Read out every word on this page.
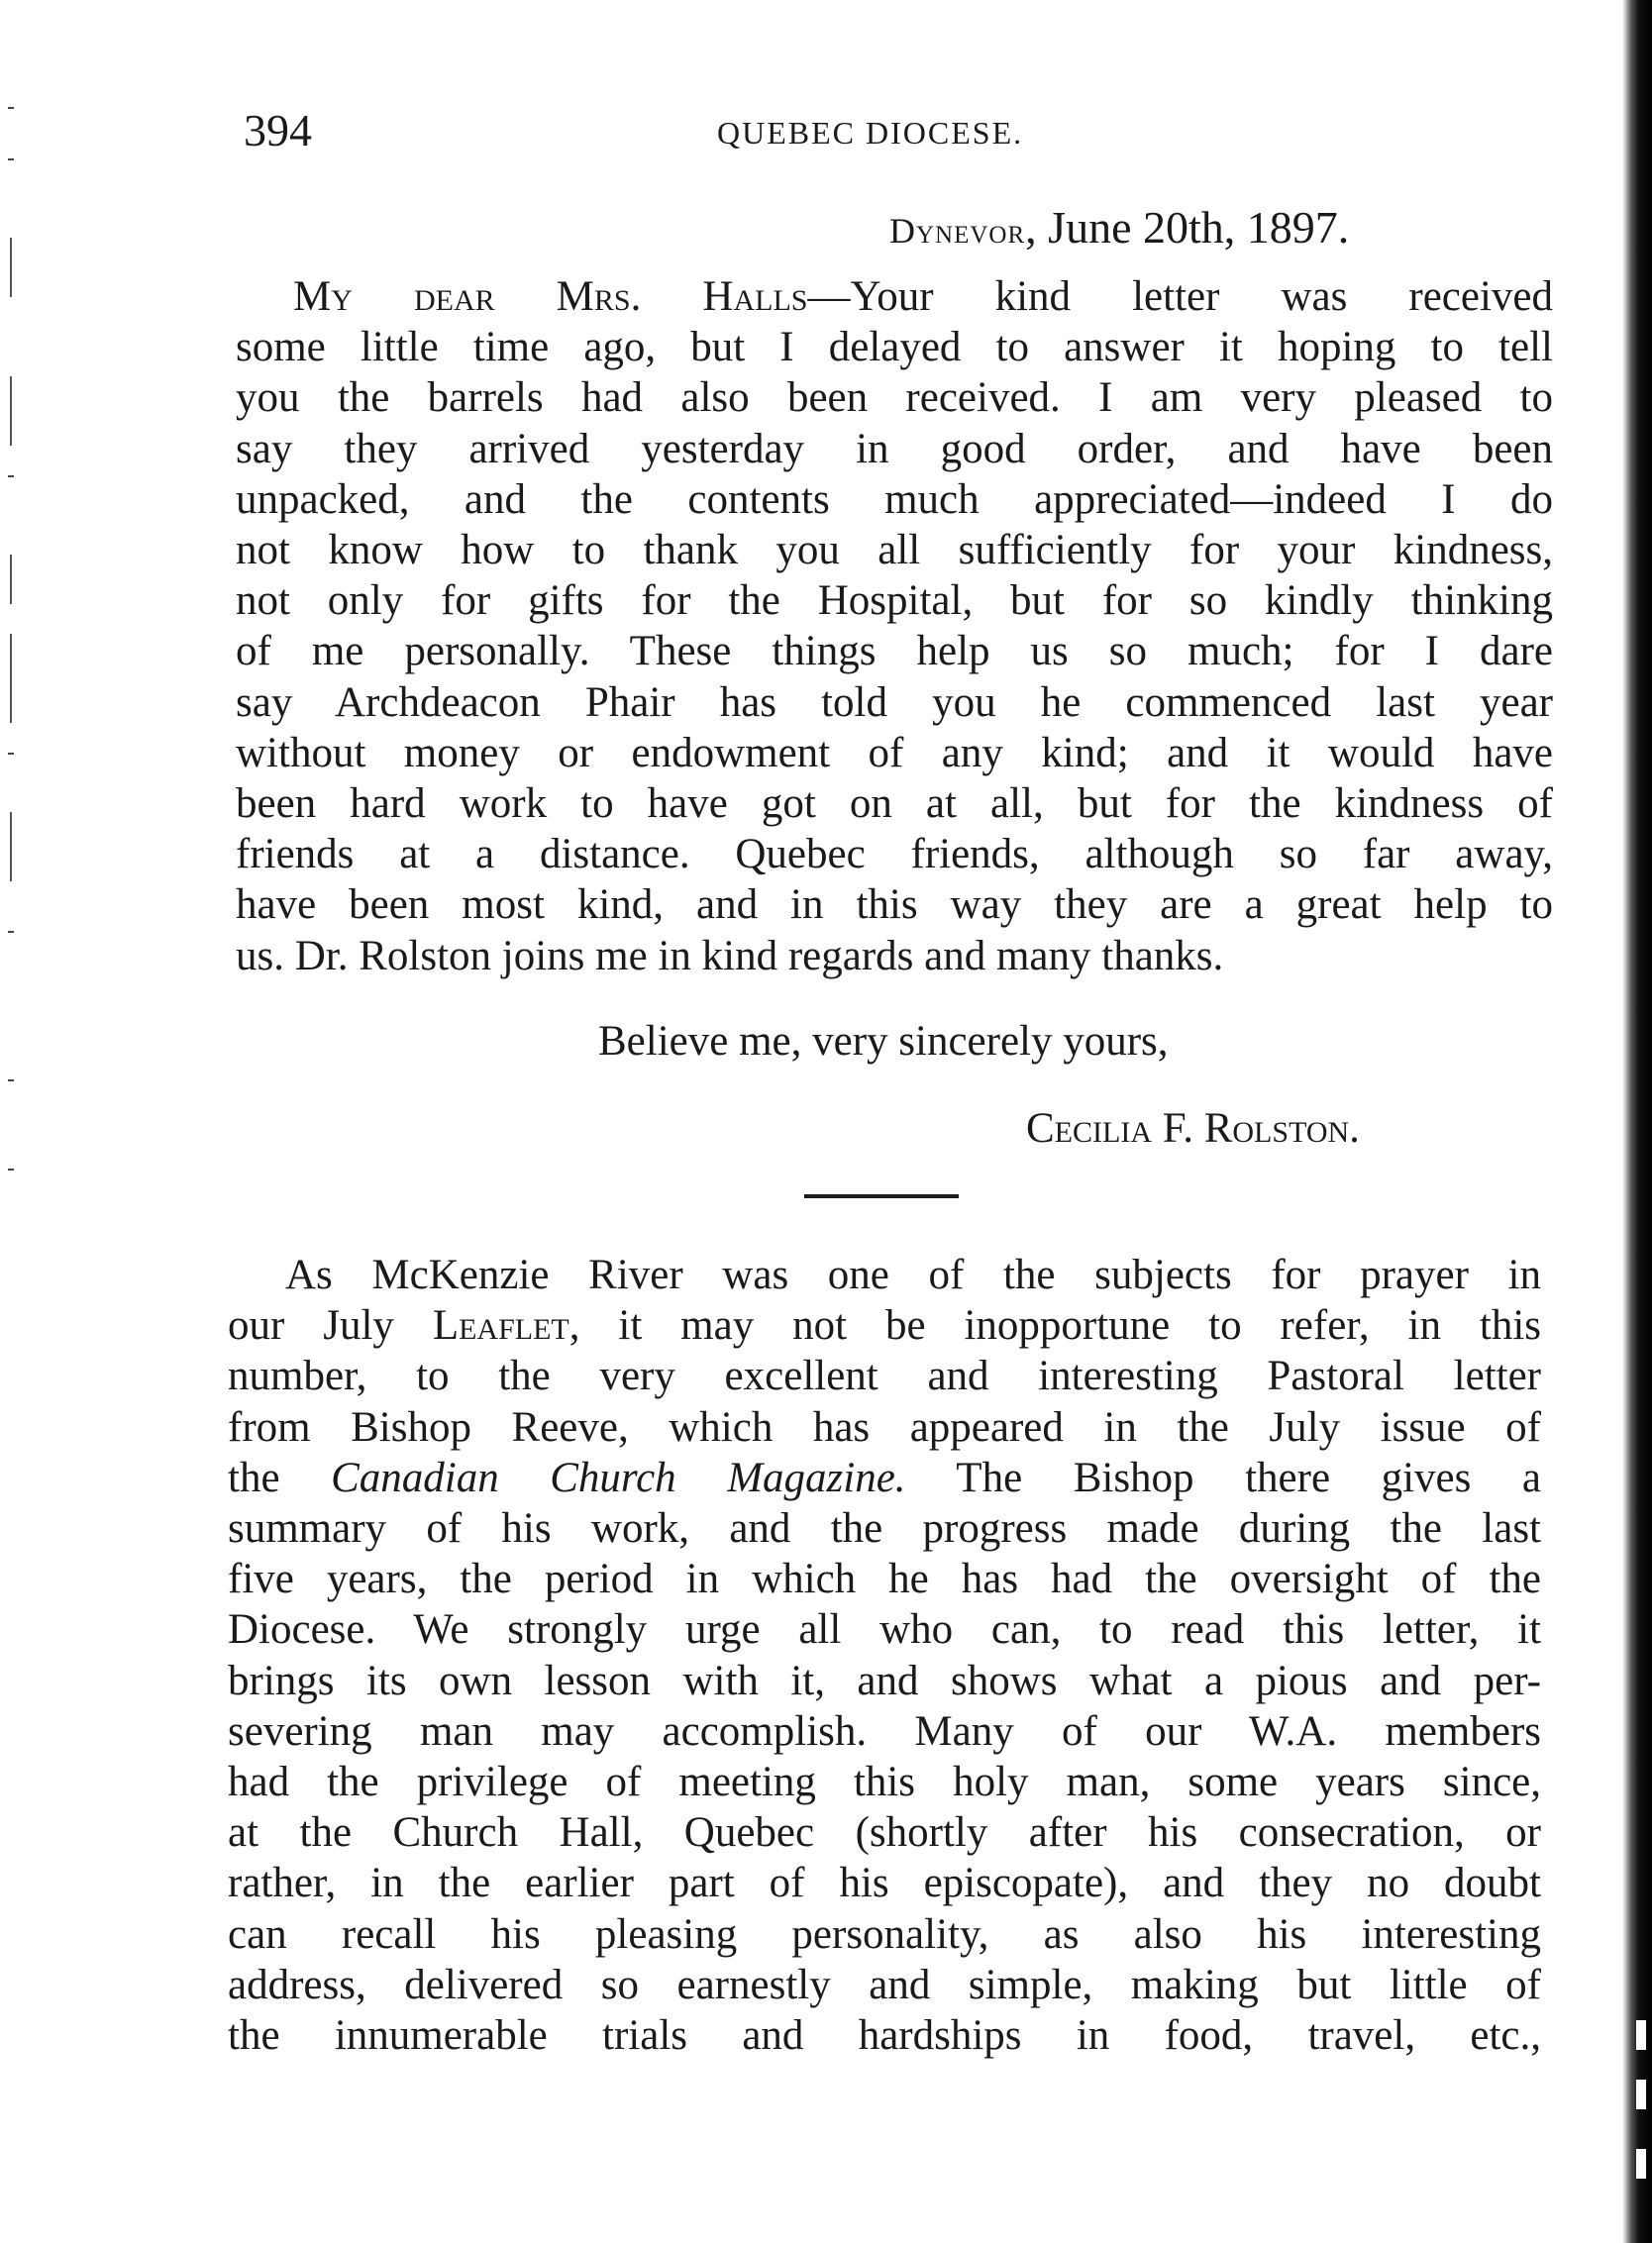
394	QUEBEC DIOCESE.
Dynevor, June 20th, 1897.
My dear Mrs. Halls—Your kind letter was received
some little time ago, but I delayed to answer it hoping to tell
you the barrels had also been received. I am very pleased to
say they arrived yesterday in good order, and have been
unpacked, and the contents much appreciated—indeed I do
not know how to thank you all sufficiently for your kindness,
not only for gifts for the Hospital, but for so kindly thinking
of me personally. These things help us so much; for I dare
say Archdeacon Phair has told you he commenced last year
without money or endowment of any kind; and it would have
been hard work to have got on at all, but for the kindness of
friends at a distance. Quebec friends, although so far away,
have been most kind, and in this way they are a great help to
us. Dr. Rolston joins me in kind regards and many thanks.
Believe me, very sincerely yours,
Cecilia F. Rolston.
As McKenzie River was one of the subjects for prayer in
our July Leaflet, it may not be inopportune to refer, in this
number, to the very excellent and interesting Pastoral letter
from Bishop Reeve, which has appeared in the July issue of
the Canadian Church Magazine. The Bishop there gives a
summary of his work, and the progress made during the last
five years, the period in which he has had the oversight of the
Diocese. We strongly urge all who can, to read this letter, it
brings its own lesson with it, and shows what a pious and per-
severing man may accomplish. Many of our W.A. members
had the privilege of meeting this holy man, some years since,
at the Church Hall, Quebec (shortly after his consecration, or
rather, in the earlier part of his episcopate), and they no doubt
can recall his pleasing personality, as also his interesting
address, delivered so earnestly and simple, making but little of
the innumerable trials and hardships in food, travel, etc.,
